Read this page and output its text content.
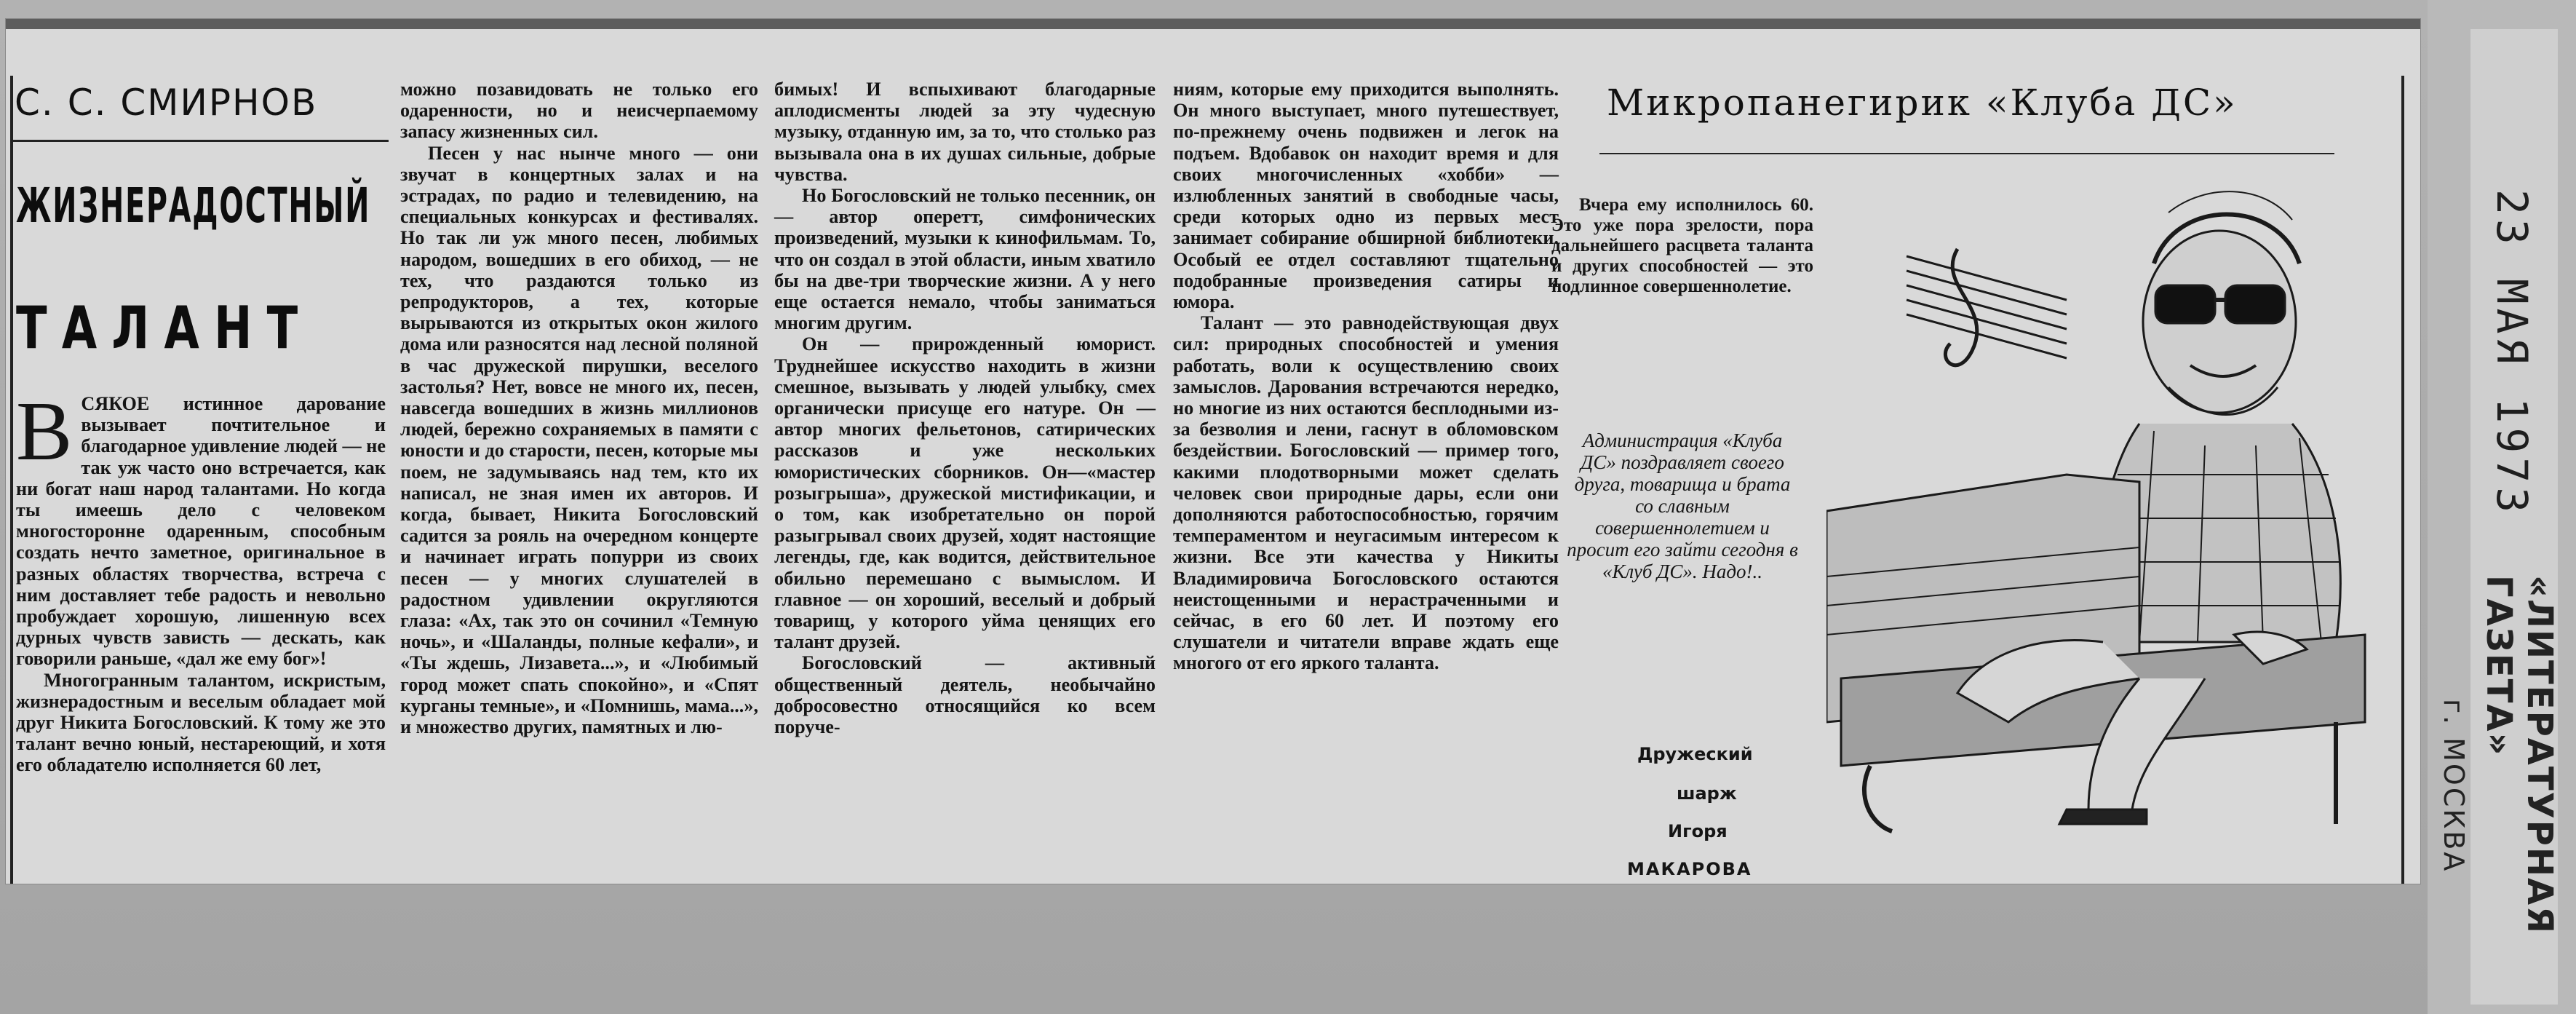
С. С. СМИРНОВ
ЖИЗНЕРАДОСТНЫЙ
ТАЛАНТ

ВСЯКОЕ истинное дарование вызывает почтительное и благодарное удивление людей — не так уж часто оно встречается, как ни богат наш народ талантами. Но когда ты имеешь дело с человеком многосторонне одаренным, способным создать нечто заметное, оригинальное в разных областях творчества, встреча с ним доставляет тебе радость и невольно пробуждает хорошую, лишенную всех дурных чувств зависть — дескать, как говорили раньше, «дал же ему бог»!

Многогранным талантом, искристым, жизнерадостным и веселым обладает мой друг Никита Богословский. К тому же это талант вечно юный, нестареющий, и хотя его обладателю исполняется 60 лет,

можно позавидовать не только его одаренности, но и неисчерпаемому запасу жизненных сил.

Песен у нас нынче много — они звучат в концертных залах и на эстрадах, по радио и телевидению, на специальных конкурсах и фестивалях. Но так ли уж много песен, любимых народом, вошедших в его обиход, — не тех, что раздаются только из репродукторов, а тех, которые вырываются из открытых окон жилого дома или разносятся над лесной поляной в час дружеской пирушки, веселого застолья? Нет, вовсе не много их, песен, навсегда вошедших в жизнь миллионов людей, бережно сохраняемых в памяти с юности и до старости, песен, которые мы поем, не задумываясь над тем, кто их написал, не зная имен их авторов. И когда, бывает, Никита Богословский садится за рояль на очередном концерте и начинает играть попурри из своих песен — у многих слушателей в радостном удивлении округляются глаза: «Ах, так это он сочинил «Темную ночь», и «Шаланды, полные кефали», и «Ты ждешь, Лизавета...», и «Любимый город может спать спокойно», и «Спят курганы темные», и «Помнишь, мама...», и множество других, памятных и лю-

бимых! И вспыхивают благодарные аплодисменты людей за эту чудесную музыку, отданную им, за то, что столько раз вызывала она в их душах сильные, добрые чувства.

Но Богословский не только песенник, он — автор оперетт, симфонических произведений, музыки к кинофильмам. То, что он создал в этой области, иным хватило бы на две-три творческие жизни. А у него еще остается немало, чтобы заниматься многим другим.

Он — прирожденный юморист. Труднейшее искусство находить в жизни смешное, вызывать у людей улыбку, смех органически присуще его натуре. Он — автор многих фельетонов, сатирических рассказов и уже нескольких юмористических сборников. Он—«мастер розыгрыша», дружеской мистификации, и о том, как изобретательно он порой разыгрывал своих друзей, ходят настоящие легенды, где, как водится, действительное обильно перемешано с вымыслом. И главное — он хороший, веселый и добрый товарищ, у которого уйма ценящих его талант друзей.

Богословский — активный общественный деятель, необычайно добросовестно относящийся ко всем поруче-

ниям, которые ему приходится выполнять. Он много выступает, много путешествует, по-прежнему очень подвижен и легок на подъем. Вдобавок он находит время и для своих многочисленных «хобби» — излюбленных занятий в свободные часы, среди которых одно из первых мест занимает собирание обширной библиотеки. Особый ее отдел составляют тщательно подобранные произведения сатиры и юмора.

Талант — это равнодействующая двух сил: природных способностей и умения работать, воли к осуществлению своих замыслов. Дарования встречаются нередко, но многие из них остаются бесплодными из-за безволия и лени, гаснут в обломовском бездействии. Богословский — пример того, какими плодотворными может сделать человек свои природные дары, если они дополняются работоспособностью, горячим темпераментом и неугасимым интересом к жизни. Все эти качества у Никиты Владимировича Богословского остаются неистощенными и нерастраченными и сейчас, в его 60 лет. И поэтому его слушатели и читатели вправе ждать еще многого от его яркого таланта.

Микропанегирик «Клуба ДС»

Вчера ему исполнилось 60. Это уже пора зрелости, пора дальнейшего расцвета таланта и других способностей — это подлинное совершеннолетие.

Администрация «Клуба ДС» поздравляет своего друга, товарища и брата со славным совершеннолетием и просит его зайти сегодня в «Клуб ДС». Надо!..

Дружеский
шарж
Игоря
МАКАРОВА
23 МАЯ 1973
«ЛИТЕРАТУРНАЯ ГАЗЕТА»
г. МОСКВА
